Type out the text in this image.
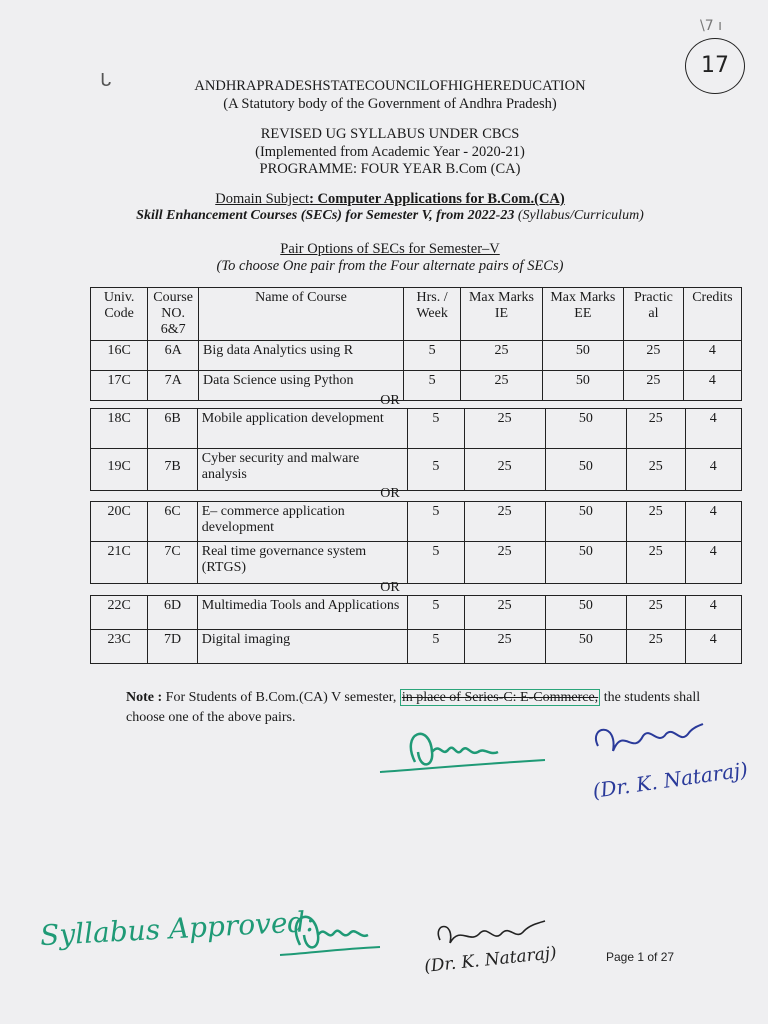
ᒐ
\7 ı
17
ANDHRAPRADESHSTATECOUNCILOFHIGHEREDUCATION
(A Statutory body of the Government of Andhra Pradesh)
REVISED UG SYLLABUS UNDER CBCS
(Implemented from Academic Year - 2020-21)
PROGRAMME: FOUR YEAR B.Com (CA)
Domain Subject: Computer Applications for B.Com.(CA)
Skill Enhancement Courses (SECs) for Semester V, from 2022-23 (Syllabus/Curriculum)
Pair Options of SECs for Semester–V
(To choose One pair from the Four alternate pairs of SECs)
Univ. Code	Course NO. 6&7	Name of Course	Hrs. / Week	Max Marks IE	Max Marks EE	Practic al	Credits
16C	6A	Big data Analytics using R	5	25	50	25	4
17C	7A	Data Science using Python	5	25	50	25	4
OR
18C	6B	Mobile application development	5	25	50	25	4
19C	7B	Cyber security and malware analysis	5	25	50	25	4
OR
20C	6C	E– commerce application development	5	25	50	25	4
21C	7C	Real time governance system (RTGS)	5	25	50	25	4
OR
22C	6D	Multimedia Tools and Applications	5	25	50	25	4
23C	7D	Digital imaging	5	25	50	25	4
Note : For Students of B.Com.(CA) V semester, in place of Series-C: E-Commerce, the students shall choose one of the above pairs.
(Dr. K. Nataraj)
Syllabus Approved:
(Dr. K. Nataraj)	Page 1 of 27
